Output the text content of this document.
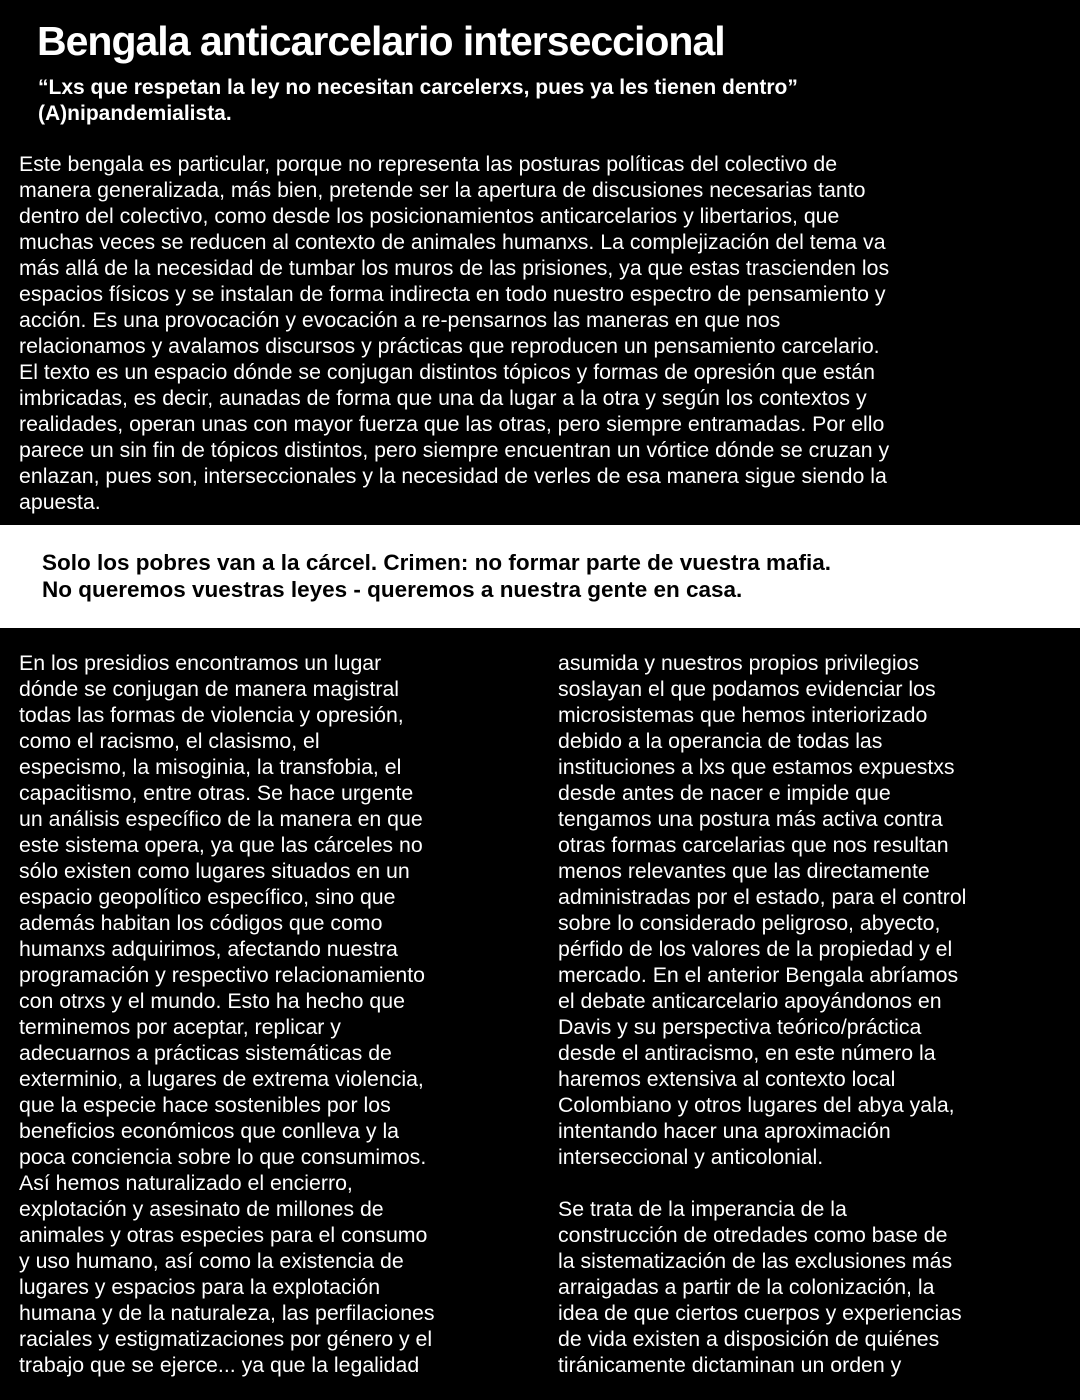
Bengala anticarcelario interseccional
“Lxs que respetan la ley no necesitan carcelerxs, pues ya les tienen dentro”
(A)nipandemialista.
Este bengala es particular, porque no representa las posturas políticas del colectivo de
manera generalizada, más bien, pretende ser la apertura de discusiones necesarias tanto
dentro del colectivo, como desde los posicionamientos anticarcelarios y libertarios, que
muchas veces se reducen al contexto de animales humanxs. La complejización del tema va
más allá de la necesidad de tumbar los muros de las prisiones, ya que estas trascienden los
espacios físicos y se instalan de forma indirecta en todo nuestro espectro de pensamiento y
acción. Es una provocación y evocación a re-pensarnos las maneras en que nos
relacionamos y avalamos discursos y prácticas que reproducen un pensamiento carcelario.
El texto es un espacio dónde se conjugan distintos tópicos y formas de opresión que están
imbricadas, es decir, aunadas de forma que una da lugar a la otra y según los contextos y
realidades, operan unas con mayor fuerza que las otras, pero siempre entramadas. Por ello
parece un sin fin de tópicos distintos, pero siempre encuentran un vórtice dónde se cruzan y
enlazan, pues son, interseccionales y la necesidad de verles de esa manera sigue siendo la
apuesta.
Solo los pobres van a la cárcel. Crimen: no formar parte de vuestra mafia.
No queremos vuestras leyes - queremos a nuestra gente en casa.
En los presidios encontramos un lugar
dónde se conjugan de manera magistral
todas las formas de violencia y opresión,
como el racismo, el clasismo, el
especismo, la misoginia, la transfobia, el
capacitismo, entre otras. Se hace urgente
un análisis específico de la manera en que
este sistema opera, ya que las cárceles no
sólo existen como lugares situados en un
espacio geopolítico específico, sino que
además habitan los códigos que como
humanxs adquirimos, afectando nuestra
programación y respectivo relacionamiento
con otrxs y el mundo. Esto ha hecho que
terminemos por aceptar, replicar y
adecuarnos a prácticas sistemáticas de
exterminio, a lugares de extrema violencia,
que la especie hace sostenibles por los
beneficios económicos que conlleva y la
poca conciencia sobre lo que consumimos.
Así hemos naturalizado el encierro,
explotación y asesinato de millones de
animales y otras especies para el consumo
y uso humano, así como la existencia de
lugares y espacios para la explotación
humana y de la naturaleza, las perfilaciones
raciales y estigmatizaciones por género y el
trabajo que se ejerce... ya que la legalidad
asumida y nuestros propios privilegios
soslayan el que podamos evidenciar los
microsistemas que hemos interiorizado
debido a la operancia de todas las
instituciones a lxs que estamos expuestxs
desde antes de nacer e impide que
tengamos una postura más activa contra
otras formas carcelarias que nos resultan
menos relevantes que las directamente
administradas por el estado, para el control
sobre lo considerado peligroso, abyecto,
pérfido de los valores de la propiedad y el
mercado. En el anterior Bengala abríamos
el debate anticarcelario apoyándonos en
Davis y su perspectiva teórico/práctica
desde el antiracismo, en este número la
haremos extensiva al contexto local
Colombiano y otros lugares del abya yala,
intentando hacer una aproximación
interseccional y anticolonial.
Se trata de la imperancia de la
construcción de otredades como base de
la sistematización de las exclusiones más
arraigadas a partir de la colonización, la
idea de que ciertos cuerpos y experiencias
de vida existen a disposición de quiénes
tiránicamente dictaminan un orden y
